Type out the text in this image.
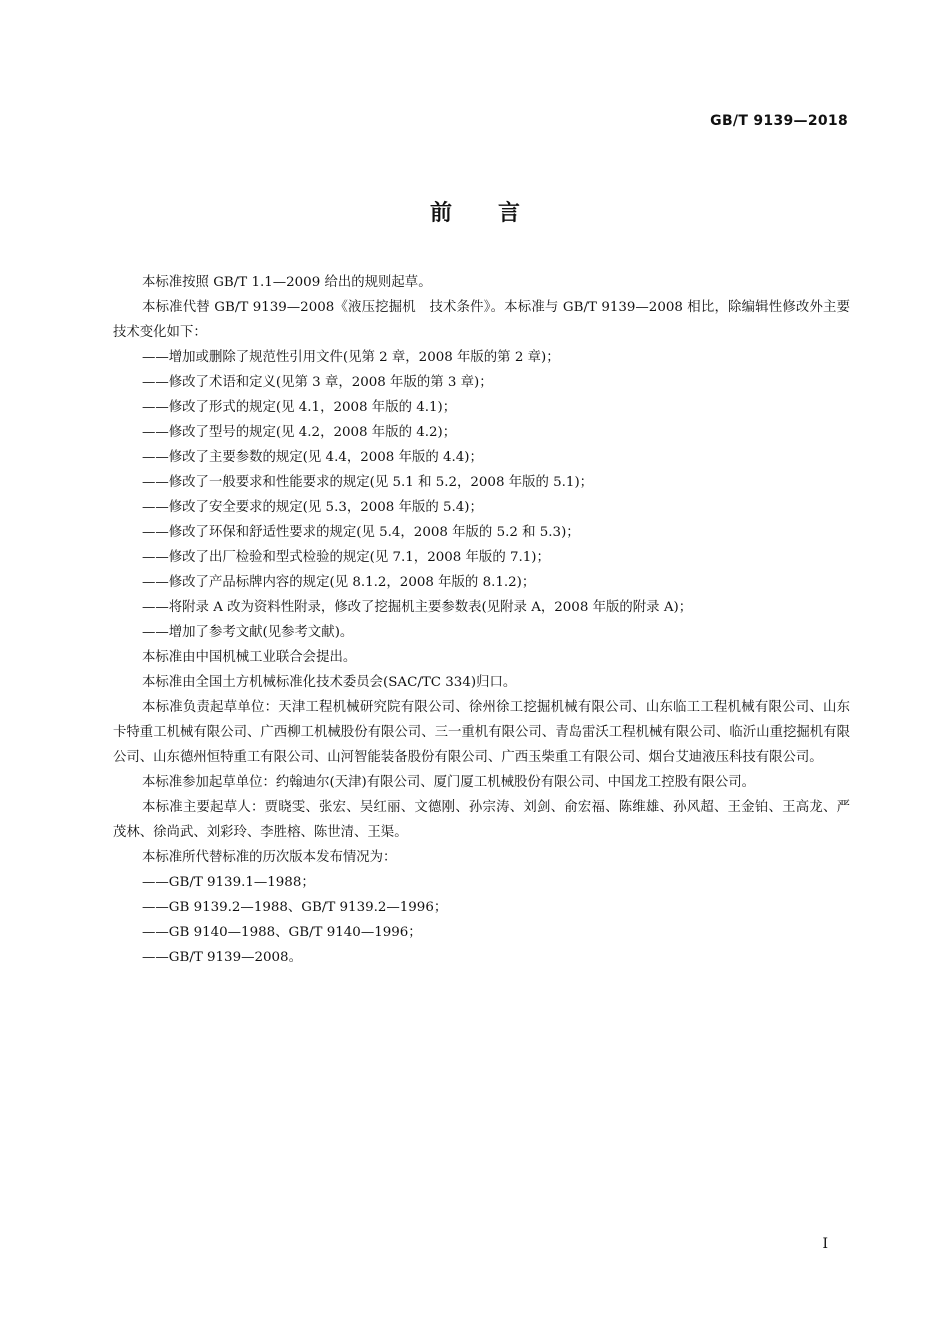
GB/T 9139—2018
前言

本标准按照 GB/T 1.1—2009 给出的规则起草。

本标准代替 GB/T 9139—2008《液压挖掘机　技术条件》。本标准与 GB/T 9139—2008 相比，除编辑性修改外主要技术变化如下：

——增加或删除了规范性引用文件(见第 2 章，2008 年版的第 2 章)；

——修改了术语和定义(见第 3 章，2008 年版的第 3 章)；

——修改了形式的规定(见 4.1，2008 年版的 4.1)；

——修改了型号的规定(见 4.2，2008 年版的 4.2)；

——修改了主要参数的规定(见 4.4，2008 年版的 4.4)；

——修改了一般要求和性能要求的规定(见 5.1 和 5.2，2008 年版的 5.1)；

——修改了安全要求的规定(见 5.3，2008 年版的 5.4)；

——修改了环保和舒适性要求的规定(见 5.4，2008 年版的 5.2 和 5.3)；

——修改了出厂检验和型式检验的规定(见 7.1，2008 年版的 7.1)；

——修改了产品标牌内容的规定(见 8.1.2，2008 年版的 8.1.2)；

——将附录 A 改为资料性附录，修改了挖掘机主要参数表(见附录 A，2008 年版的附录 A)；

——增加了参考文献(见参考文献)。

本标准由中国机械工业联合会提出。

本标准由全国土方机械标准化技术委员会(SAC/TC 334)归口。

本标准负责起草单位：天津工程机械研究院有限公司、徐州徐工挖掘机械有限公司、山东临工工程机械有限公司、山东卡特重工机械有限公司、广西柳工机械股份有限公司、三一重机有限公司、青岛雷沃工程机械有限公司、临沂山重挖掘机有限公司、山东德州恒特重工有限公司、山河智能装备股份有限公司、广西玉柴重工有限公司、烟台艾迪液压科技有限公司。

本标准参加起草单位：约翰迪尔(天津)有限公司、厦门厦工机械股份有限公司、中国龙工控股有限公司。

本标准主要起草人：贾晓雯、张宏、吴红丽、文德刚、孙宗涛、刘剑、俞宏福、陈维雄、孙风超、王金铂、王高龙、严茂林、徐尚武、刘彩玲、李胜榕、陈世清、王渠。

本标准所代替标准的历次版本发布情况为：

——GB/T 9139.1—1988；

——GB 9139.2—1988、GB/T 9139.2—1996；

——GB 9140—1988、GB/T 9140—1996；

——GB/T 9139—2008。

Ⅰ
